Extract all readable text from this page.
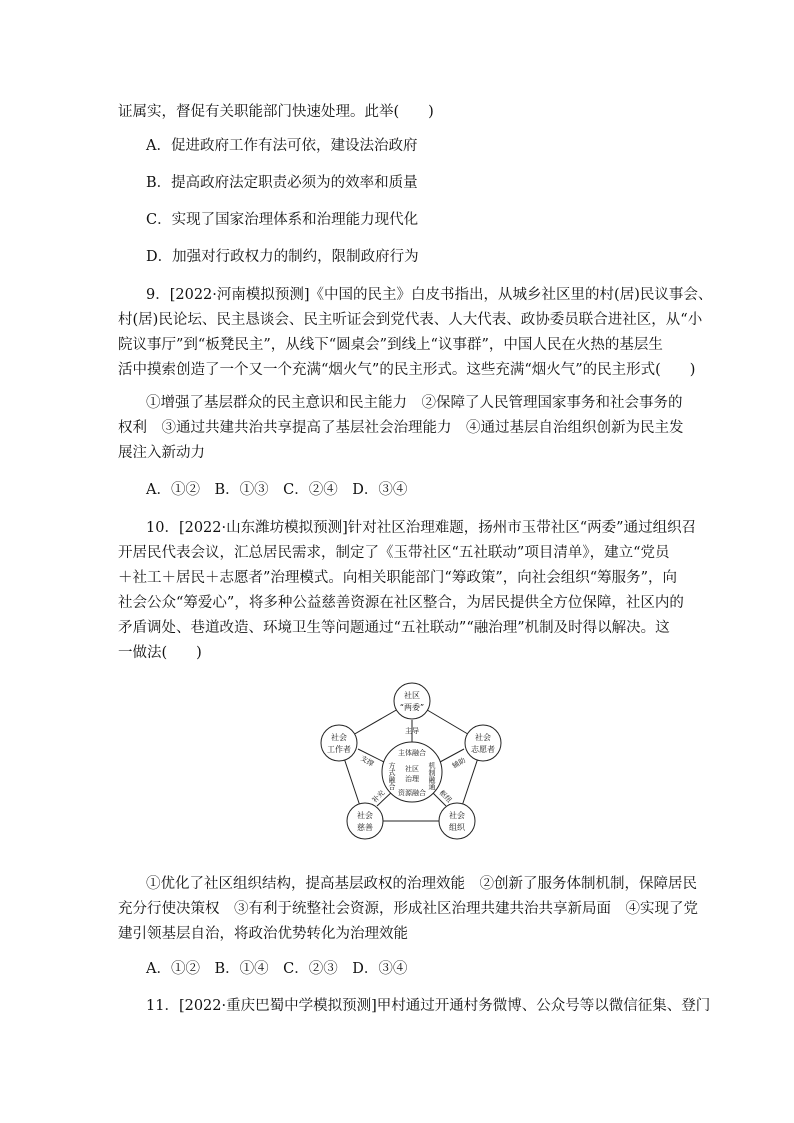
证属实，督促有关职能部门快速处理。此举(　　)
A．促进政府工作有法可依，建设法治政府
B．提高政府法定职责必须为的效率和质量
C．实现了国家治理体系和治理能力现代化
D．加强对行政权力的制约，限制政府行为
9．[2022·河南模拟预测]《中国的民主》白皮书指出，从城乡社区里的村(居)民议事会、
村(居)民论坛、民主恳谈会、民主听证会到党代表、人大代表、政协委员联合进社区，从“小
院议事厅”到“板凳民主”，从线下“圆桌会”到线上“议事群”，中国人民在火热的基层生
活中摸索创造了一个又一个充满“烟火气”的民主形式。这些充满“烟火气”的民主形式(　　)
①增强了基层群众的民主意识和民主能力　②保障了人民管理国家事务和社会事务的
权利　③通过共建共治共享提高了基层社会治理能力　④通过基层自治组织创新为民主发
展注入新动力
A．①②　B．①③　C．②④　D．③④
10．[2022·山东潍坊模拟预测]针对社区治理难题，扬州市玉带社区“两委”通过组织召
开居民代表会议，汇总居民需求，制定了《玉带社区“五社联动”项目清单》，建立“党员
＋社工＋居民＋志愿者”治理模式。向相关职能部门“筹政策”，向社会组织“筹服务”，向
社会公众“筹爱心”，将多种公益慈善资源在社区整合，为居民提供全方位保障，社区内的
矛盾调处、巷道改造、环境卫生等问题通过“五社联动”“融治理”机制及时得以解决。这
一做法(　　)
社区
“两委”
社会
志愿者
社会
组织
社会
慈善
社会
工作者
主导
辅助
枢纽
补充
支撑
主体融合
资源融合
社区
治理
方式融合	机制融通
①优化了社区组织结构，提高基层政权的治理效能　②创新了服务体制机制，保障居民
充分行使决策权　③有利于统整社会资源，形成社区治理共建共治共享新局面　④实现了党
建引领基层自治，将政治优势转化为治理效能
A．①②　B．①④　C．②③　D．③④
11．[2022·重庆巴蜀中学模拟预测]甲村通过开通村务微博、公众号等以微信征集、登门
